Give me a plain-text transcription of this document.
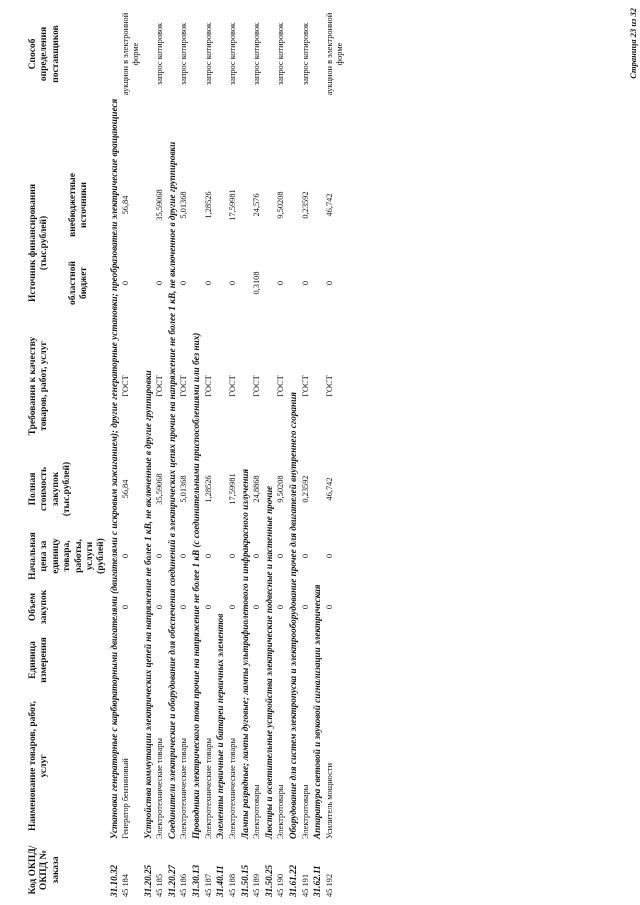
Код ОКПД/ ОКПД № заказа	Наименование товаров, работ, услуг	Единица измерения	Объем закупок	Начальная цена за единицу товара, работы, услуги (рублей)	Полная стоимость закупок (тыс.рублей)	Требования к качеству товаров, работ, услуг	Источник финансирования (тыс.рублей)			Способ определения поставщиков
							областной бюджет	внебюджетные источники		
31.10.32	Установки генераторные с карбюраторными двигателями (двигателями с искровым зажиганием); другие генераторные установки; преобразователи электрические вращающиеся									
45 184	Генератор бензиновый		0	0	56,84	ГОСТ	0	56,84		аукцион в электронной форме
31.20.25	Устройства коммутации электрических цепей на напряжение не более 1 кВ, не включенные в другие группировки									
45 185	Электротехнические товары		0	0	35,59068	ГОСТ	0	35,59068		запрос котировок
31.20.27	Соединители электрические и оборудование для обеспечения соединений в электрических цепях прочие на напряжение не более 1 кВ, не включенное в другие группировки									
45 186	Электротехнические товары		0	0	5,01368	ГОСТ	0	5,01368		запрос котировок
31.30.13	Проводники электрического тока прочие на напряжение не более 1 кВ (с соединительными приспособлениями или без них)									
45 187	Электротехнические товары		0	0	1,28526	ГОСТ	0	1,28526		запрос котировок
31.40.11	Элементы первичные и батареи первичных элементов									
45 188	Электротехнические товары		0	0	17,59981	ГОСТ	0	17,59981		запрос котировок
31.50.15	Лампы разрядные; лампы дуговые; лампы ультрафиолетового и инфракрасного излучения									
45 189	Электротовары		0	0	24,8868	ГОСТ	0,3108	24,576		запрос котировок
31.50.25	Люстры и осветительные устройства электрические подвесные и настенные прочие									
45 190	Электротовары		0	0	9,50208	ГОСТ	0	9,50208		запрос котировок
31.61.22	Оборудование для систем электропуска и электрооборудование прочее для двигателей внутреннего сгорания									
45 191	Электротовары		0	0	0,23592	ГОСТ	0	0,23592		запрос котировок
31.62.11	Аппаратура световой и звуковой сигнализации электрическая									
45 192	Усилитель мощности		0	0	46,742	ГОСТ	0	46,742		аукцион в электронной форме	Страница 23 из 32
